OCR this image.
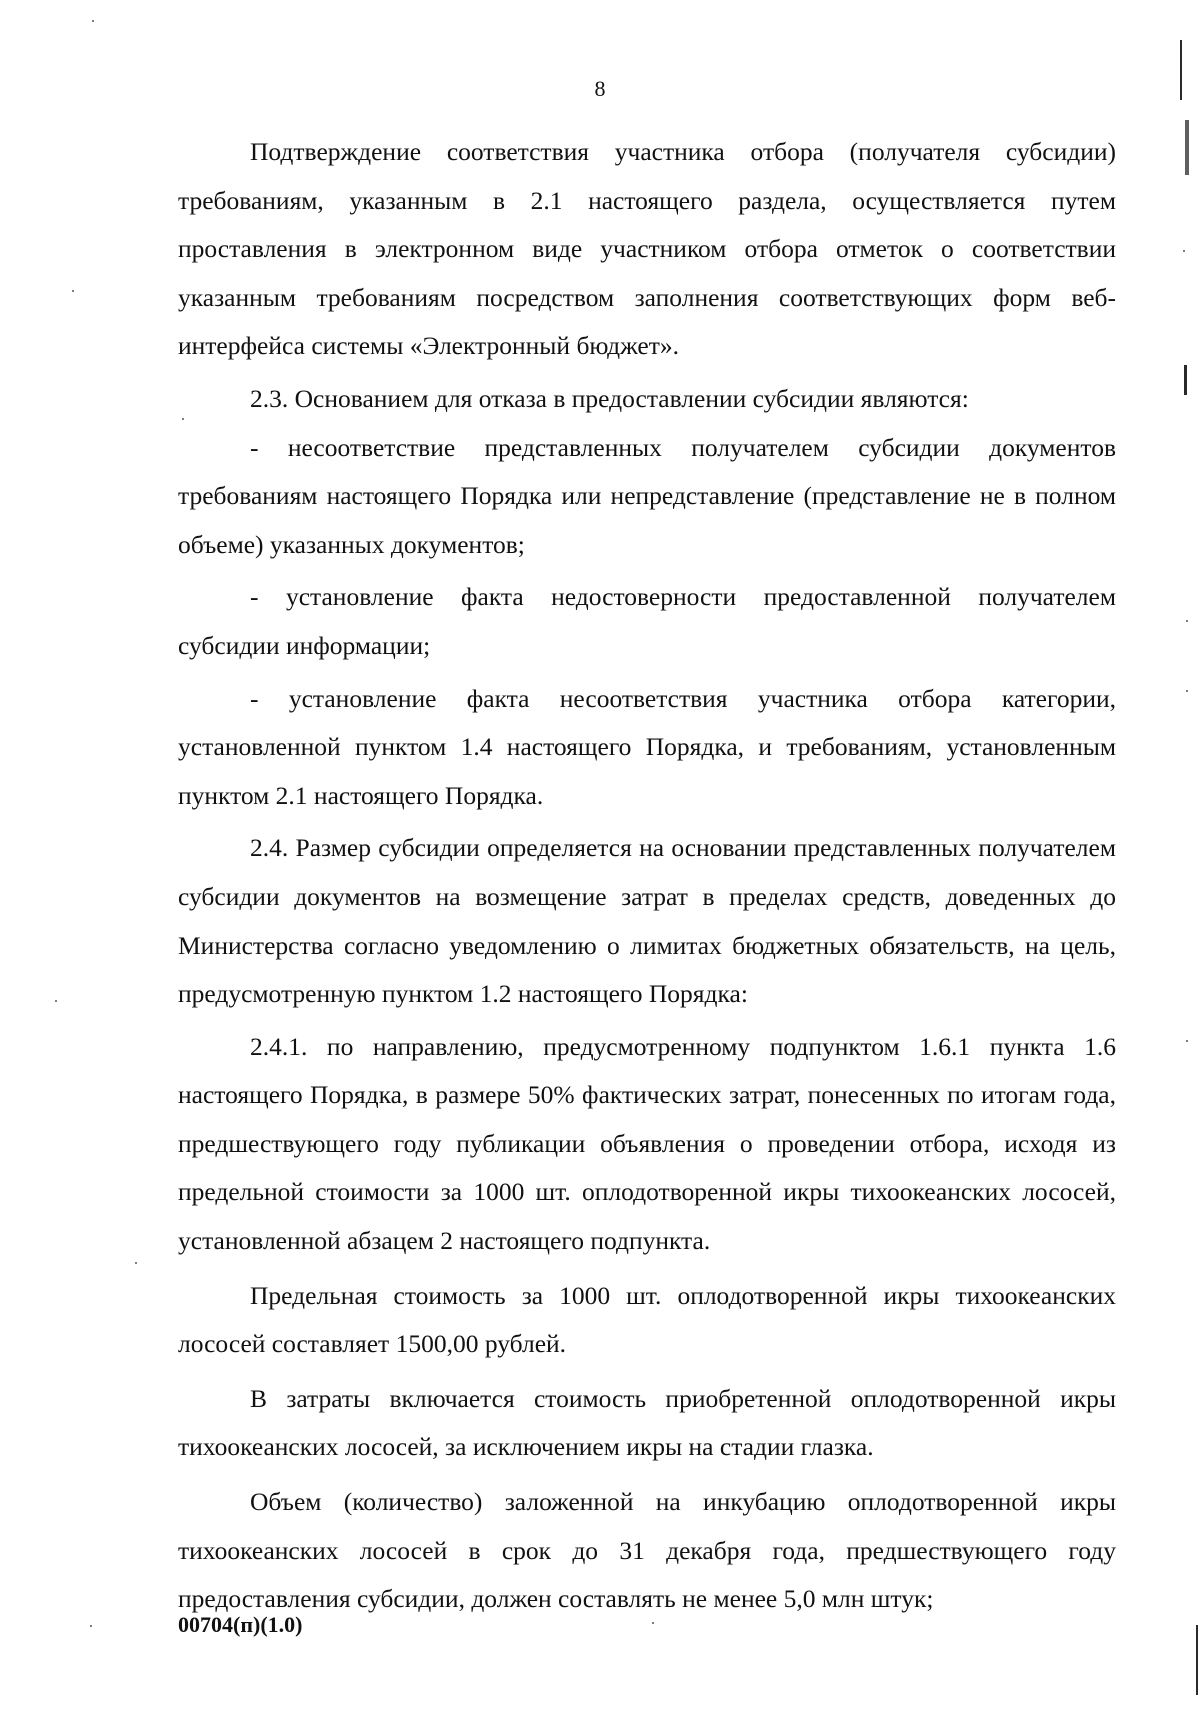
8

Подтверждение соответствия участника отбора (получателя субсидии) требованиям, указанным в 2.1 настоящего раздела, осуществляется путем проставления в электронном виде участником отбора отметок о соответствии указанным требованиям посредством заполнения соответствующих форм веб-интерфейса системы «Электронный бюджет».

2.3. Основанием для отказа в предоставлении субсидии являются:

- несоответствие представленных получателем субсидии документов требованиям настоящего Порядка или непредставление (представление не в полном объеме) указанных документов;

- установление факта недостоверности предоставленной получателем субсидии информации;

- установление факта несоответствия участника отбора категории, установленной пунктом 1.4 настоящего Порядка, и требованиям, установленным пунктом 2.1 настоящего Порядка.

2.4. Размер субсидии определяется на основании представленных получателем субсидии документов на возмещение затрат в пределах средств, доведенных до Министерства согласно уведомлению о лимитах бюджетных обязательств, на цель, предусмотренную пунктом 1.2 настоящего Порядка:

2.4.1. по направлению, предусмотренному подпунктом 1.6.1 пункта 1.6 настоящего Порядка, в размере 50% фактических затрат, понесенных по итогам года, предшествующего году публикации объявления о проведении отбора, исходя из предельной стоимости за 1000 шт. оплодотворенной икры тихоокеанских лососей, установленной абзацем 2 настоящего подпункта.

Предельная стоимость за 1000 шт. оплодотворенной икры тихоокеанских лососей составляет 1500,00 рублей.

В затраты включается стоимость приобретенной оплодотворенной икры тихоокеанских лососей, за исключением икры на стадии глазка.

Объем (количество) заложенной на инкубацию оплодотворенной икры тихоокеанских лососей в срок до 31 декабря года, предшествующего году предоставления субсидии, должен составлять не менее 5,0 млн штук;

00704(п)(1.0)
